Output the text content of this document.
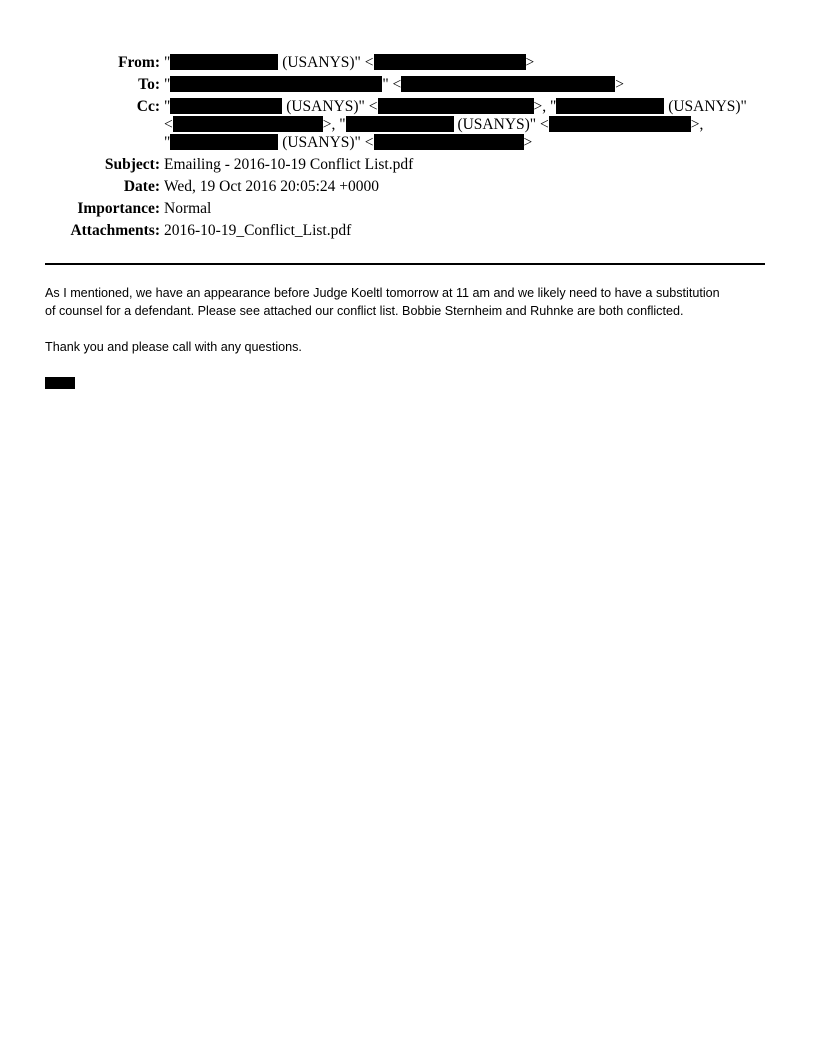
From: "	(USANYS)" <	>
To: "	" <	>
Cc: "	(USANYS)" <	>, "	(USANYS)"
<	>, "	(USANYS)" <	>,
"	(USANYS)" <	>
Subject: Emailing - 2016-10-19 Conflict List.pdf
Date: Wed, 19 Oct 2016 20:05:24 +0000
Importance: Normal
Attachments: 2016-10-19_Conflict_List.pdf
As I mentioned, we have an appearance before Judge Koeltl tomorrow at 11 am and we likely need to have a substitution
of counsel for a defendant. Please see attached our conflict list. Bobbie Sternheim and Ruhnke are both conflicted.
Thank you and please call with any questions.
